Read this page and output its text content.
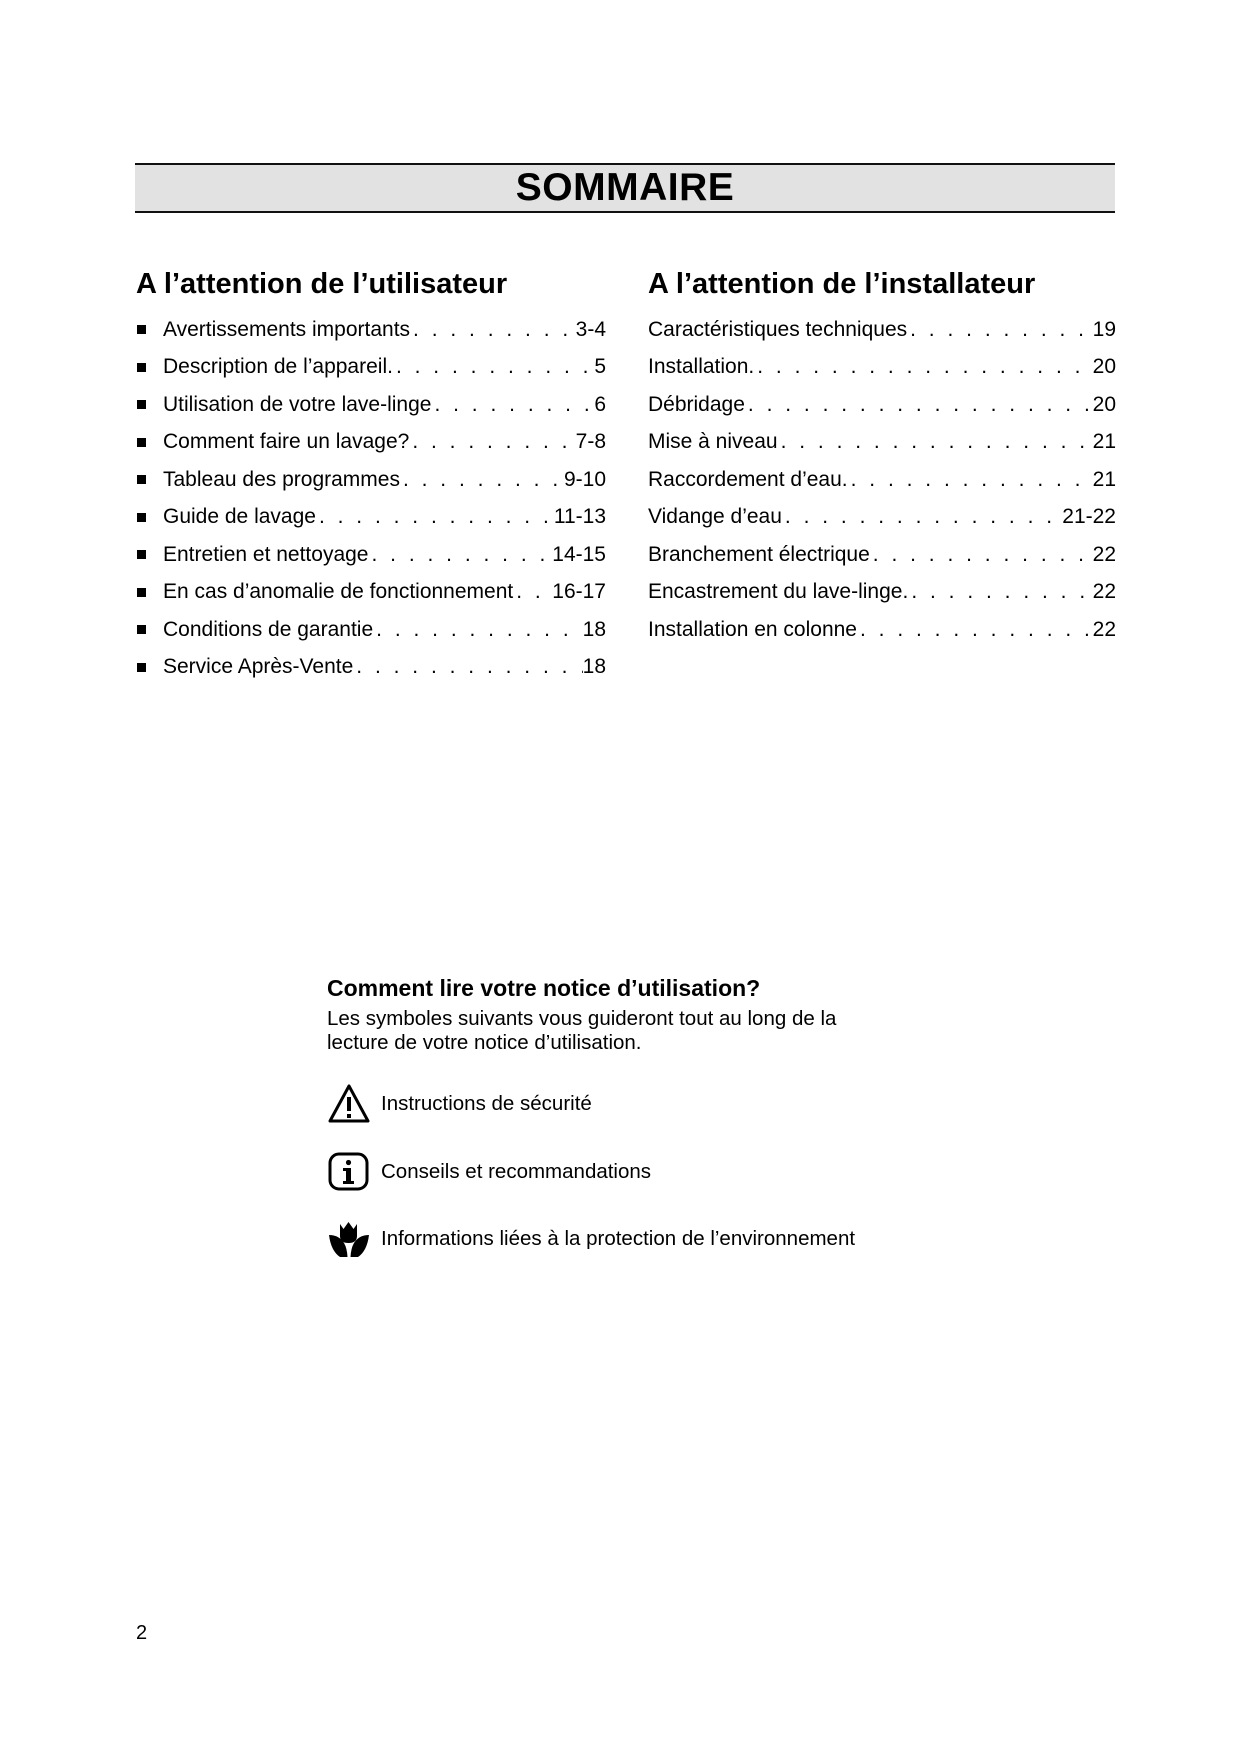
SOMMAIRE
A l’attention de l’utilisateur
Avertissements importants . . .	3-4
Description de l’appareil. . . .	5
Utilisation de votre lave-linge . . .	6
Comment faire un lavage? . . .	7-8
Tableau des programmes . . .	9-10
Guide de lavage . . .	11-13
Entretien et nettoyage . . .	14-15
En cas d’anomalie de fonctionnement . . . 16-17
Conditions de garantie . . .	18
Service Après-Vente . . .	18
A l’attention de l’installateur
Caractéristiques techniques . . .	19
Installation. . . .	20
Débridage . . .	20
Mise à niveau . . .	21
Raccordement d’eau. . . .	21
Vidange d’eau . . .	21-22
Branchement électrique . . .	22
Encastrement du lave-linge. . . .	22
Installation en colonne . . .	22
Comment lire votre notice d’utilisation?

Les symboles suivants vous guideront tout au long de la lecture de votre notice d’utilisation.

Instructions de sécurité
Conseils et recommandations
Informations liées à la protection de l’environnement
2
